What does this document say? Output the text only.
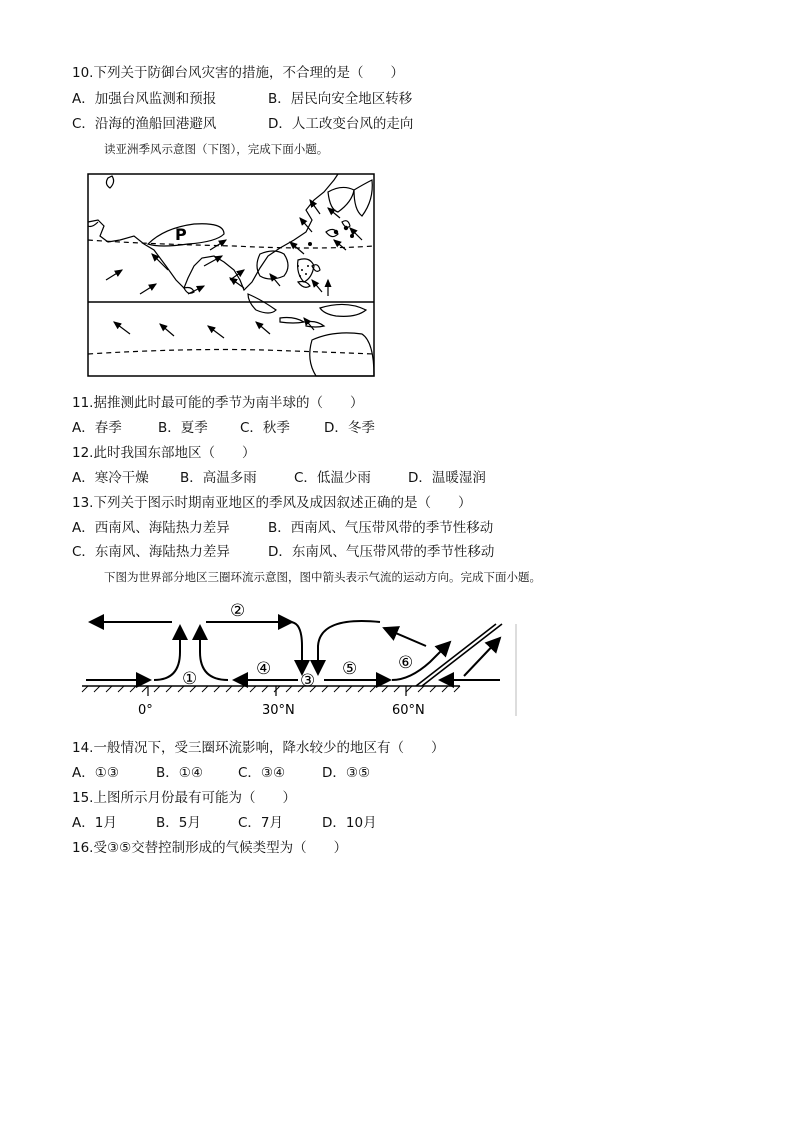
10.下列关于防御台风灾害的措施，不合理的是（　　）
A．加强台风监测和预报	B．居民向安全地区转移
C．沿海的渔船回港避风	D．人工改变台风的走向
读亚洲季风示意图（下图），完成下面小题。
P
11.据推测此时最可能的季节为南半球的（　　）
A．春季	B．夏季 C．秋季	D．冬季
12.此时我国东部地区（　　）
A．寒冷干燥 B．高温多雨	C．低温少雨	D．温暖湿润
13.下列关于图示时期南亚地区的季风及成因叙述正确的是（　　）
A．西南风、海陆热力差异	B．西南风、气压带风带的季节性移动
C．东南风、海陆热力差异	D．东南风、气压带风带的季节性移动
下图为世界部分地区三圈环流示意图，图中箭头表示气流的运动方向。完成下面小题。
①
②
③
④	⑤ ⑥
0°	30°N	60°N
14.一般情况下，受三圈环流影响，降水较少的地区有（　　）
A．①③	B．①④	C．③④	D．③⑤
15.上图所示月份最有可能为（　　）
A．1月	B．5月	C．7月	D．10月
16.受③⑤交替控制形成的气候类型为（　　）
